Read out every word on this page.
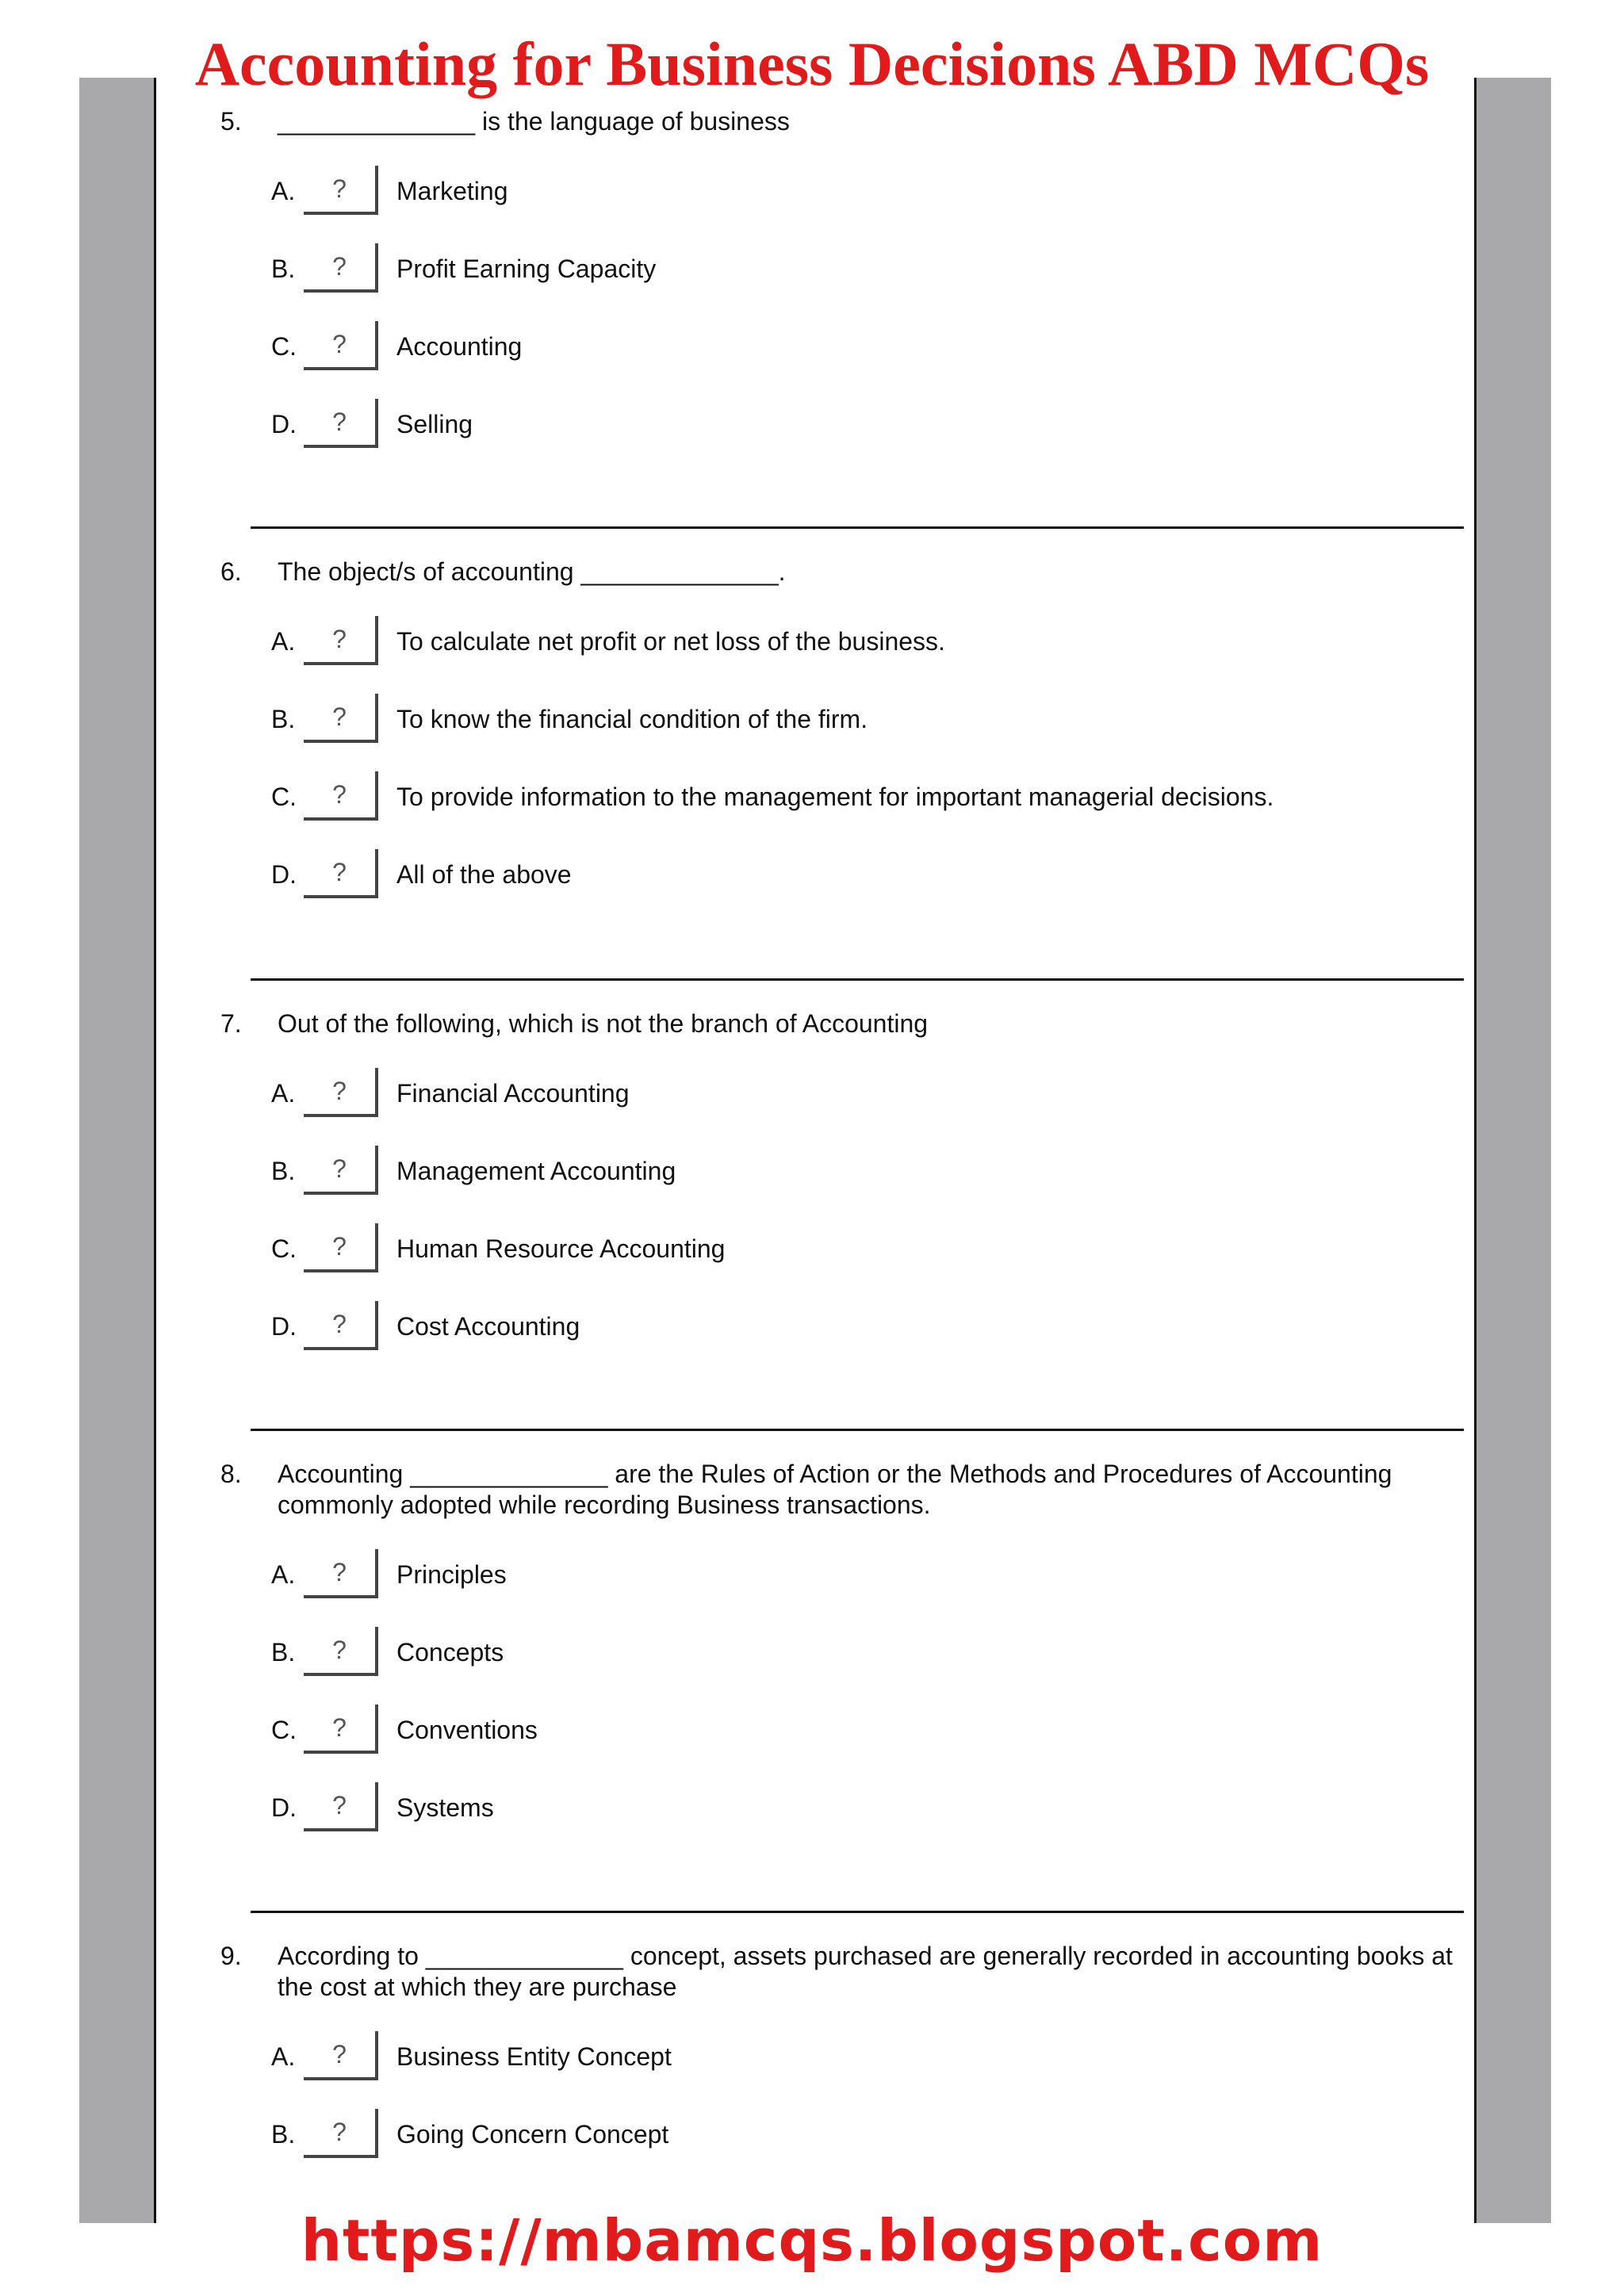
Accounting for Business Decisions ABD MCQs
5. ______________ is the language of business
A.	?	Marketing
B.	?	Profit Earning Capacity
C.	?	Accounting
D.	?	Selling
6. The object/s of accounting ______________.
A.	?	To calculate net profit or net loss of the business.
B.	?	To know the financial condition of the firm.
C.	?	To provide information to the management for important managerial decisions.
D.	?	All of the above
7. Out of the following, which is not the branch of Accounting
A.	?	Financial Accounting
B.	?	Management Accounting
C.	?	Human Resource Accounting
D.	?	Cost Accounting
8. Accounting ______________ are the Rules of Action or the Methods and Procedures of Accounting commonly adopted while recording Business transactions.
A.	?	Principles
B.	?	Concepts
C.	?	Conventions
D.	?	Systems
9. According to ______________ concept, assets purchased are generally recorded in accounting books at the cost at which they are purchase
A.	?	Business Entity Concept
B.	?	Going Concern Concept
https://mbamcqs.blogspot.com
